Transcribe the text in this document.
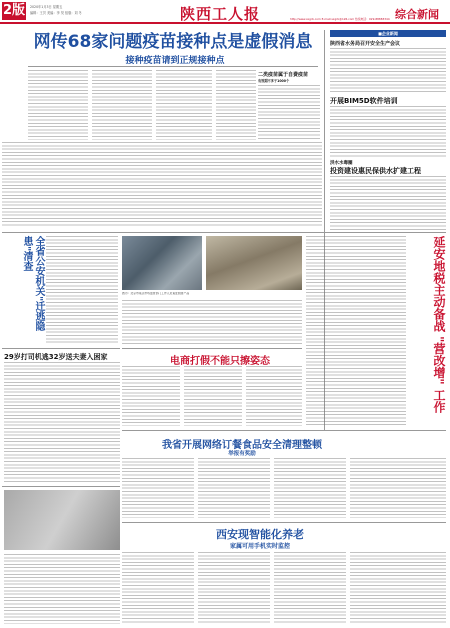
2版	2020年1月3日 星期五
编辑：王贝 美编：李 昊 组版：刘 冬	陕西工人报	综合新闻
http://www.sxgrb.com E-mail:sxgrb@126.com 热线电话：029-88883344
网传68家问题疫苗接种点是虚假消息
接种疫苗请到正规接种点
二类疫苗属于自费疫苗
有效期不多于1000个
全省公安机关"迁逃隐患"清查
图为：北京市某区市场监管部门工作人员查处假冒产品
29岁打司机逃32岁送夫妻入困家	电商打假不能只擦姿态
■企业新闻
陕西省水务局召开安全生产会议
开展BIM5D软件培训
洪水水毒圈
投资建设惠民保供水扩建工程
延安地税主动备战 "营改增" 工作
我省开展网络订餐食品安全清理整顿
举报有奖励
西安现智能化养老
家属可用手机实时监控
